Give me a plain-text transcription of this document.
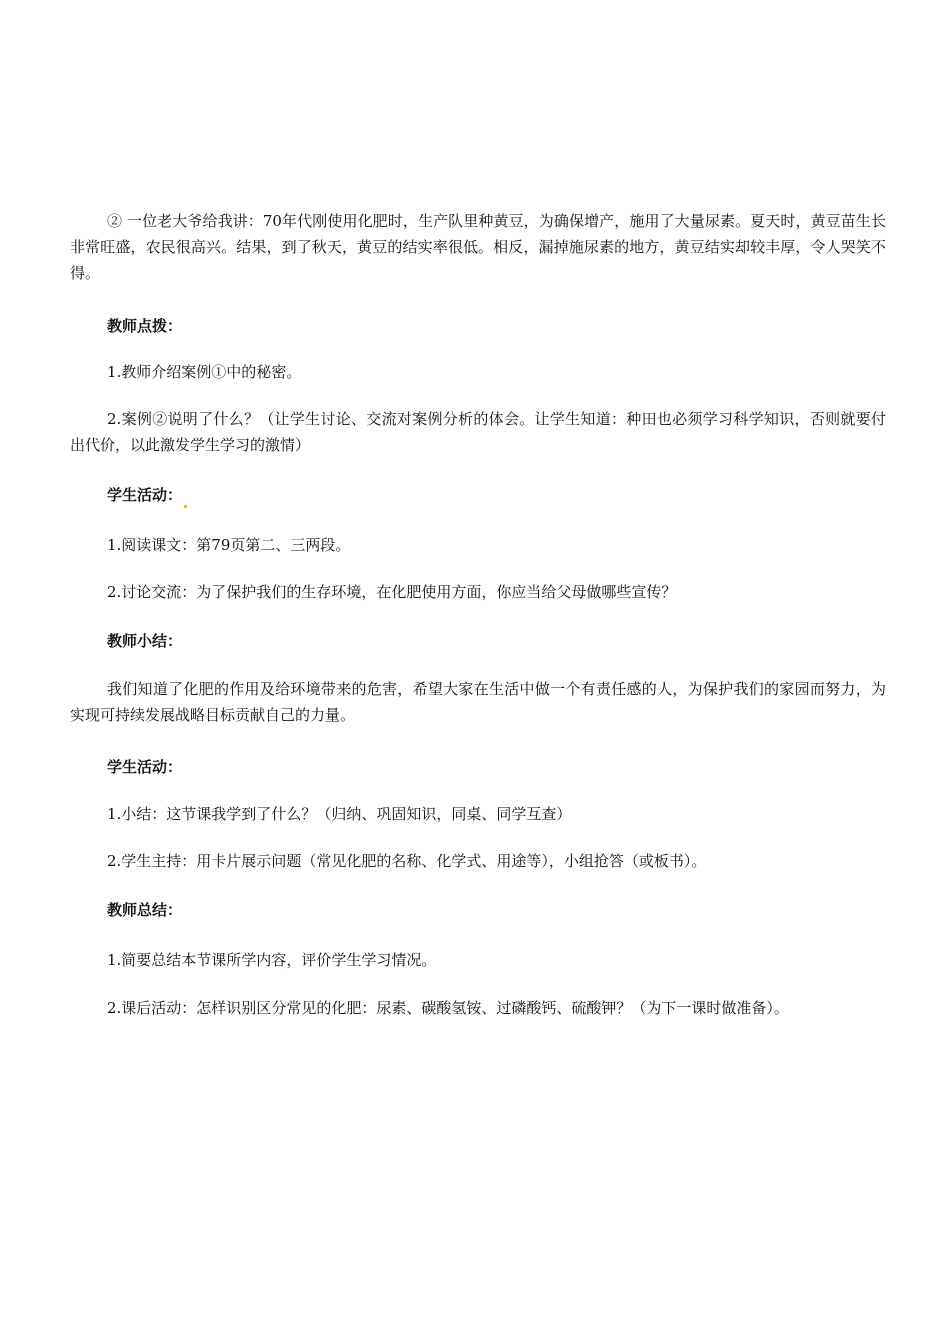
② 一位老大爷给我讲：70年代刚使用化肥时，生产队里种黄豆，为确保增产，施用了大量尿素。夏天时，黄豆苗生长非常旺盛，农民很高兴。结果，到了秋天，黄豆的结实率很低。相反，漏掉施尿素的地方，黄豆结实却较丰厚，令人哭笑不得。
教师点拨：
1.教师介绍案例①中的秘密。
2.案例②说明了什么？（让学生讨论、交流对案例分析的体会。让学生知道：种田也必须学习科学知识，否则就要付出代价，以此激发学生学习的激情）
学生活动：
1.阅读课文：第79页第二、三两段。
2.讨论交流：为了保护我们的生存环境，在化肥使用方面，你应当给父母做哪些宣传？
教师小结：
我们知道了化肥的作用及给环境带来的危害，希望大家在生活中做一个有责任感的人，为保护我们的家园而努力，为实现可持续发展战略目标贡献自己的力量。
学生活动：
1.小结：这节课我学到了什么？（归纳、巩固知识，同桌、同学互查）
2.学生主持：用卡片展示问题（常见化肥的名称、化学式、用途等），小组抢答（或板书）。
教师总结：
1.简要总结本节课所学内容，评价学生学习情况。
2.课后活动：怎样识别区分常见的化肥：尿素、碳酸氢铵、过磷酸钙、硫酸钾？（为下一课时做准备）。
